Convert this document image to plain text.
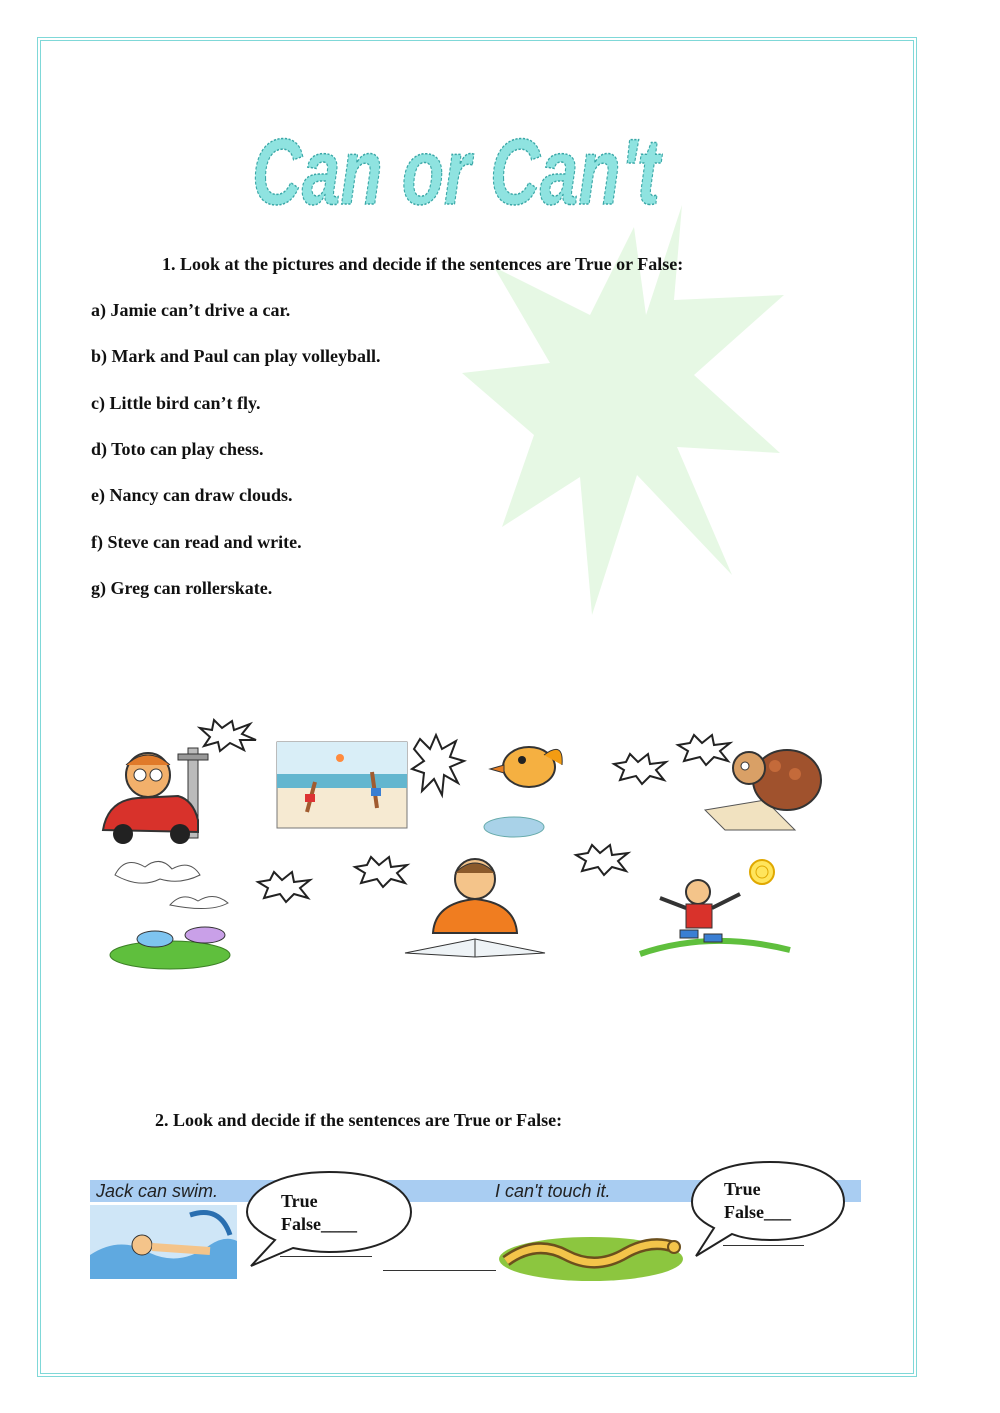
Can or Can't
1. Look at the pictures and decide if the sentences are True or False:
a) Jamie can’t drive a car.
b) Mark and Paul can play volleyball.
c) Little bird can’t fly.
d) Toto can play chess.
e) Nancy can draw clouds.
f) Steve can read and write.
g) Greg can rollerskate.
2. Look and decide if the sentences are True or False:
Jack can swim.	I can't touch it.
True
False____
True
False___
